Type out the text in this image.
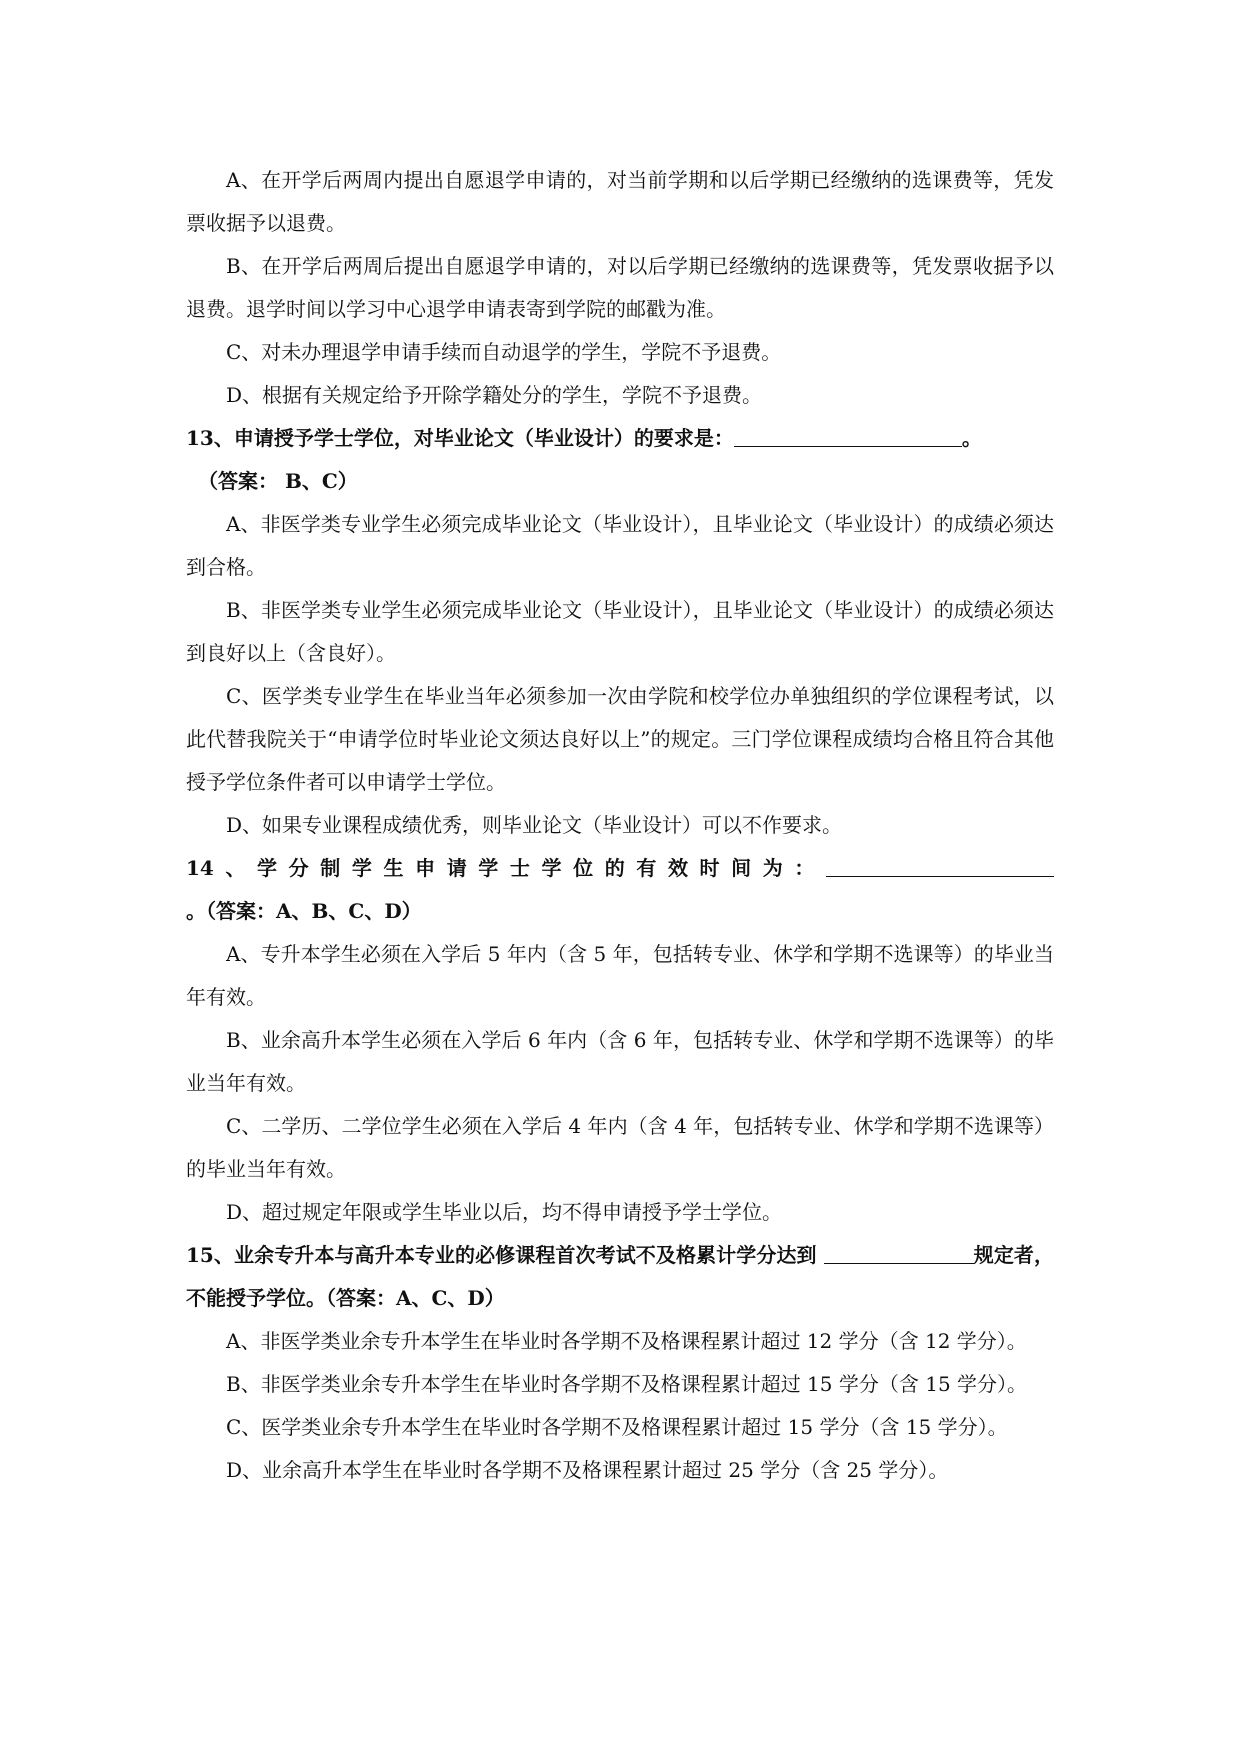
A、在开学后两周内提出自愿退学申请的，对当前学期和以后学期已经缴纳的选课费等，凭发票收据予以退费。

B、在开学后两周后提出自愿退学申请的，对以后学期已经缴纳的选课费等，凭发票收据予以退费。退学时间以学习中心退学申请表寄到学院的邮戳为准。

C、对未办理退学申请手续而自动退学的学生，学院不予退费。

D、根据有关规定给予开除学籍处分的学生，学院不予退费。

13、申请授予学士学位，对毕业论文（毕业设计）的要求是：	。

（答案： B、C）

A、非医学类专业学生必须完成毕业论文（毕业设计），且毕业论文（毕业设计）的成绩必须达到合格。

B、非医学类专业学生必须完成毕业论文（毕业设计），且毕业论文（毕业设计）的成绩必须达到良好以上（含良好）。

C、医学类专业学生在毕业当年必须参加一次由学院和校学位办单独组织的学位课程考试，以此代替我院关于“申请学位时毕业论文须达良好以上”的规定。三门学位课程成绩均合格且符合其他授予学位条件者可以申请学士学位。

D、如果专业课程成绩优秀，则毕业论文（毕业设计）可以不作要求。

14、学分制学生申请学士学位的有效时间为：。（答案：A、B、C、D）

A、专升本学生必须在入学后 5 年内（含 5 年，包括转专业、休学和学期不选课等）的毕业当年有效。

B、业余高升本学生必须在入学后 6 年内（含 6 年，包括转专业、休学和学期不选课等）的毕业当年有效。

C、二学历、二学位学生必须在入学后 4 年内（含 4 年，包括转专业、休学和学期不选课等）的毕业当年有效。

D、超过规定年限或学生毕业以后，均不得申请授予学士学位。

15、业余专升本与高升本专业的必修课程首次考试不及格累计学分达到	规定者，不能授予学位。（答案：A、C、D）

A、非医学类业余专升本学生在毕业时各学期不及格课程累计超过 12 学分（含 12 学分）。

B、非医学类业余专升本学生在毕业时各学期不及格课程累计超过 15 学分（含 15 学分）。

C、医学类业余专升本学生在毕业时各学期不及格课程累计超过 15 学分（含 15 学分）。

D、业余高升本学生在毕业时各学期不及格课程累计超过 25 学分（含 25 学分）。
